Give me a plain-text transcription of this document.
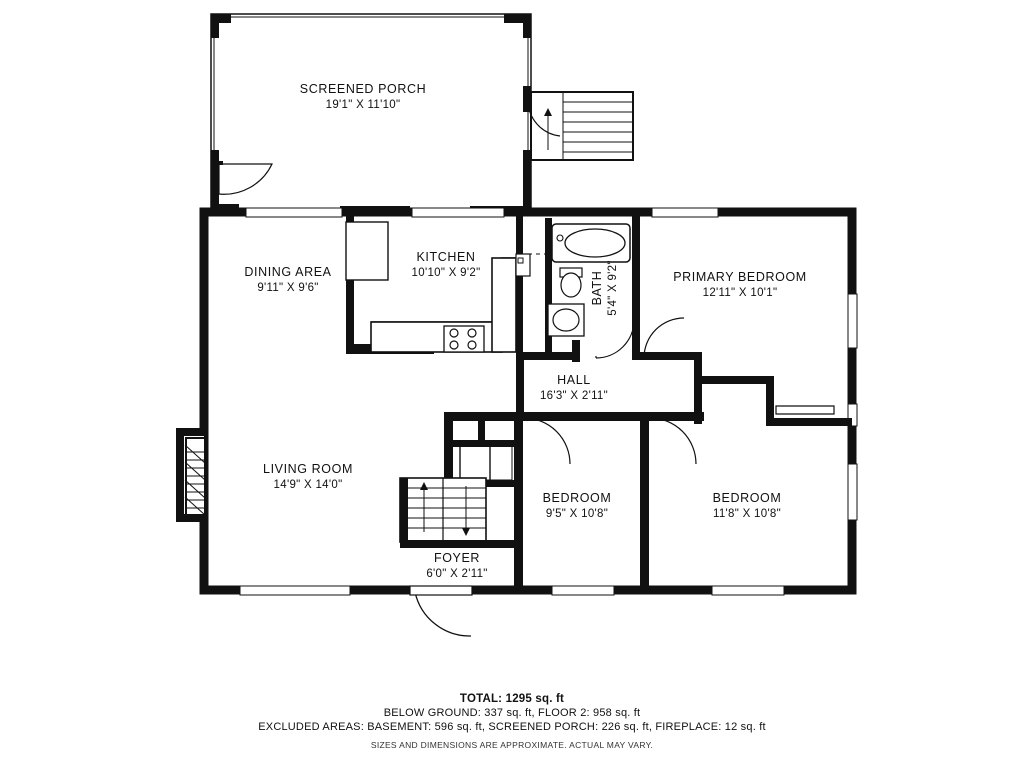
SCREENED PORCH
19'1" X 11'10"
DINING AREA
9'11" X 9'6"
KITCHEN
10'10" X 9'2"	BATH 5'4" X 9'2"	PRIMARY BEDROOM
12'11" X 10'1"
HALL
16'3" X 2'11"
LIVING ROOM
14'9" X 14'0"
BEDROOM
9'5" X 10'8"
BEDROOM
11'8" X 10'8"
FOYER
6'0" X 2'11"
TOTAL: 1295 sq. ft
BELOW GROUND: 337 sq. ft, FLOOR 2: 958 sq. ft
EXCLUDED AREAS: BASEMENT: 596 sq. ft, SCREENED PORCH: 226 sq. ft, FIREPLACE: 12 sq. ft
SIZES AND DIMENSIONS ARE APPROXIMATE. ACTUAL MAY VARY.
